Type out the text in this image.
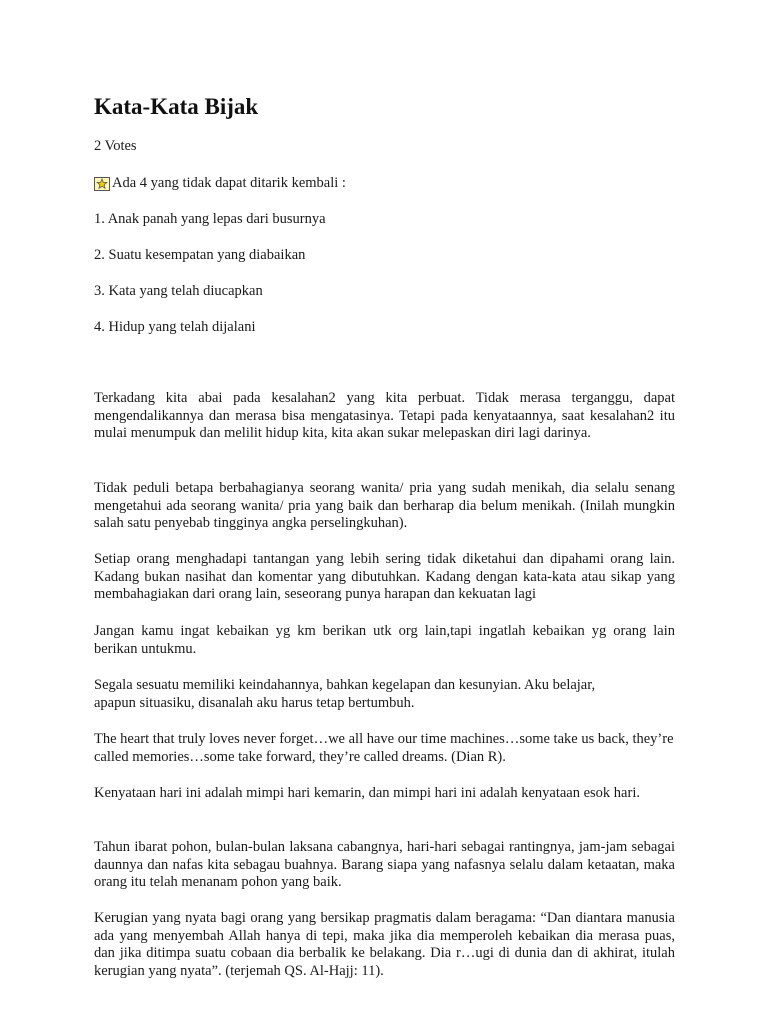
Kata-Kata Bijak
2 Votes
Ada 4 yang tidak dapat ditarik kembali :
1. Anak panah yang lepas dari busurnya
2. Suatu kesempatan yang diabaikan
3. Kata yang telah diucapkan
4. Hidup yang telah dijalani

Terkadang kita abai pada kesalahan2 yang kita perbuat. Tidak merasa terganggu, dapat mengendalikannya dan merasa bisa mengatasinya. Tetapi pada kenyataannya, saat kesalahan2 itu mulai menumpuk dan melilit hidup kita, kita akan sukar melepaskan diri lagi darinya.

Tidak peduli betapa berbahagianya seorang wanita/ pria yang sudah menikah, dia selalu senang mengetahui ada seorang wanita/ pria yang baik dan berharap dia belum menikah. (Inilah mungkin salah satu penyebab tingginya angka perselingkuhan).

Setiap orang menghadapi tantangan yang lebih sering tidak diketahui dan dipahami orang lain. Kadang bukan nasihat dan komentar yang dibutuhkan. Kadang dengan kata-kata atau sikap yang membahagiakan dari orang lain, seseorang punya harapan dan kekuatan lagi

Jangan kamu ingat kebaikan yg km berikan utk org lain,tapi ingatlah kebaikan yg orang lain berikan untukmu.

Segala sesuatu memiliki keindahannya, bahkan kegelapan dan kesunyian. Aku belajar, apapun situasiku, disanalah aku harus tetap bertumbuh.

The heart that truly loves never forget…we all have our time machines…some take us back, they’re called memories…some take forward, they’re called dreams. (Dian R).

Kenyataan hari ini adalah mimpi hari kemarin, dan mimpi hari ini adalah kenyataan esok hari.

Tahun ibarat pohon, bulan-bulan laksana cabangnya, hari-hari sebagai rantingnya, jam-jam sebagai daunnya dan nafas kita sebagau buahnya. Barang siapa yang nafasnya selalu dalam ketaatan, maka orang itu telah menanam pohon yang baik.

Kerugian yang nyata bagi orang yang bersikap pragmatis dalam beragama: “Dan diantara manusia ada yang menyembah Allah hanya di tepi, maka jika dia memperoleh kebaikan dia merasa puas, dan jika ditimpa suatu cobaan dia berbalik ke belakang. Dia r…ugi di dunia dan di akhirat, itulah kerugian yang nyata”. (terjemah QS. Al-Hajj: 11).
